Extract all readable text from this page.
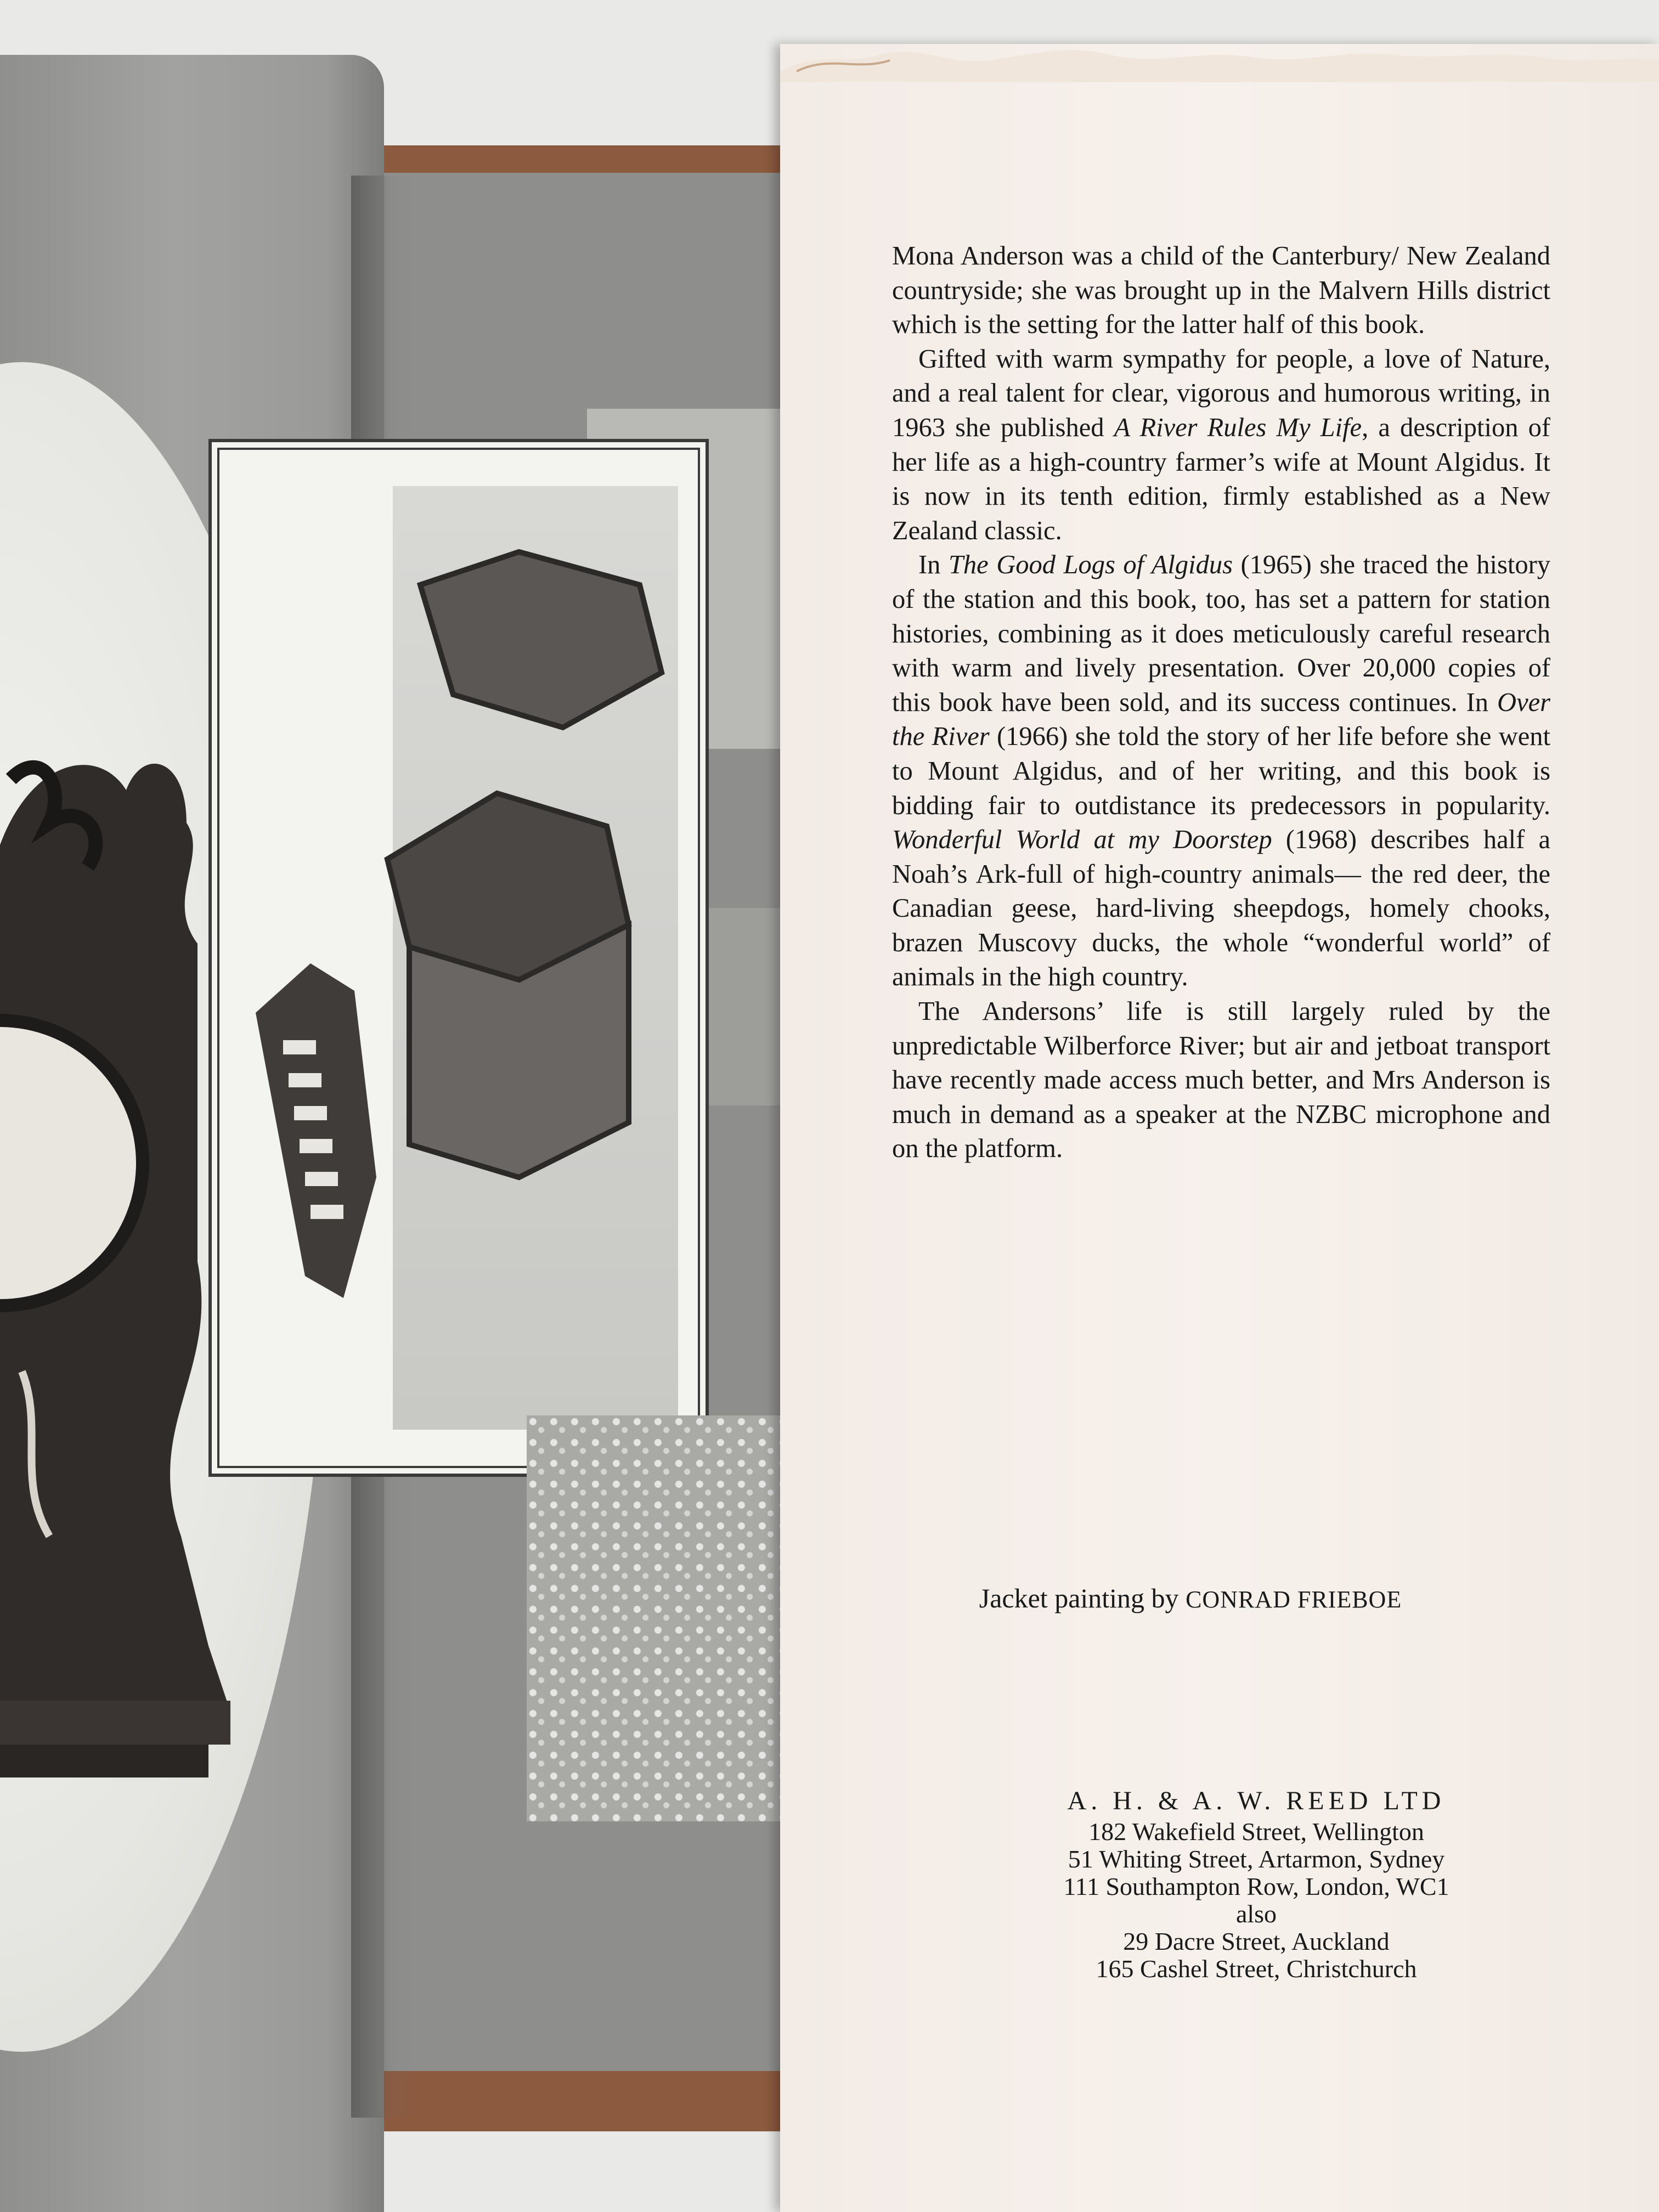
Mona Anderson was a child of the Canterbury/ New Zealand countryside; she was brought up in the Malvern Hills district which is the setting for the latter half of this book.

Gifted with warm sympathy for people, a love of Nature, and a real talent for clear, vigorous and humorous writing, in 1963 she published A River Rules My Life, a description of her life as a high-country farmer’s wife at Mount Algidus. It is now in its tenth edition, firmly established as a New Zealand classic.

In The Good Logs of Algidus (1965) she traced the history of the station and this book, too, has set a pattern for station histories, combining as it does meticulously careful research with warm and lively presentation. Over 20,000 copies of this book have been sold, and its success continues. In Over the River (1966) she told the story of her life before she went to Mount Algidus, and of her writing, and this book is bidding fair to outdistance its predecessors in popularity. Wonderful World at my Doorstep (1968) describes half a Noah’s Ark-full of high-country animals— the red deer, the Canadian geese, hard-living sheepdogs, homely chooks, brazen Muscovy ducks, the whole “wonderful world” of animals in the high country.

The Andersons’ life is still largely ruled by the unpredictable Wilberforce River; but air and jetboat transport have recently made access much better, and Mrs Anderson is much in demand as a speaker at the NZBC microphone and on the platform.

Jacket painting by CONRAD FRIEBOE
A. H. & A. W. REED LTD
182 Wakefield Street, Wellington
51 Whiting Street, Artarmon, Sydney
111 Southampton Row, London, WC1
also
29 Dacre Street, Auckland
165 Cashel Street, Christchurch
